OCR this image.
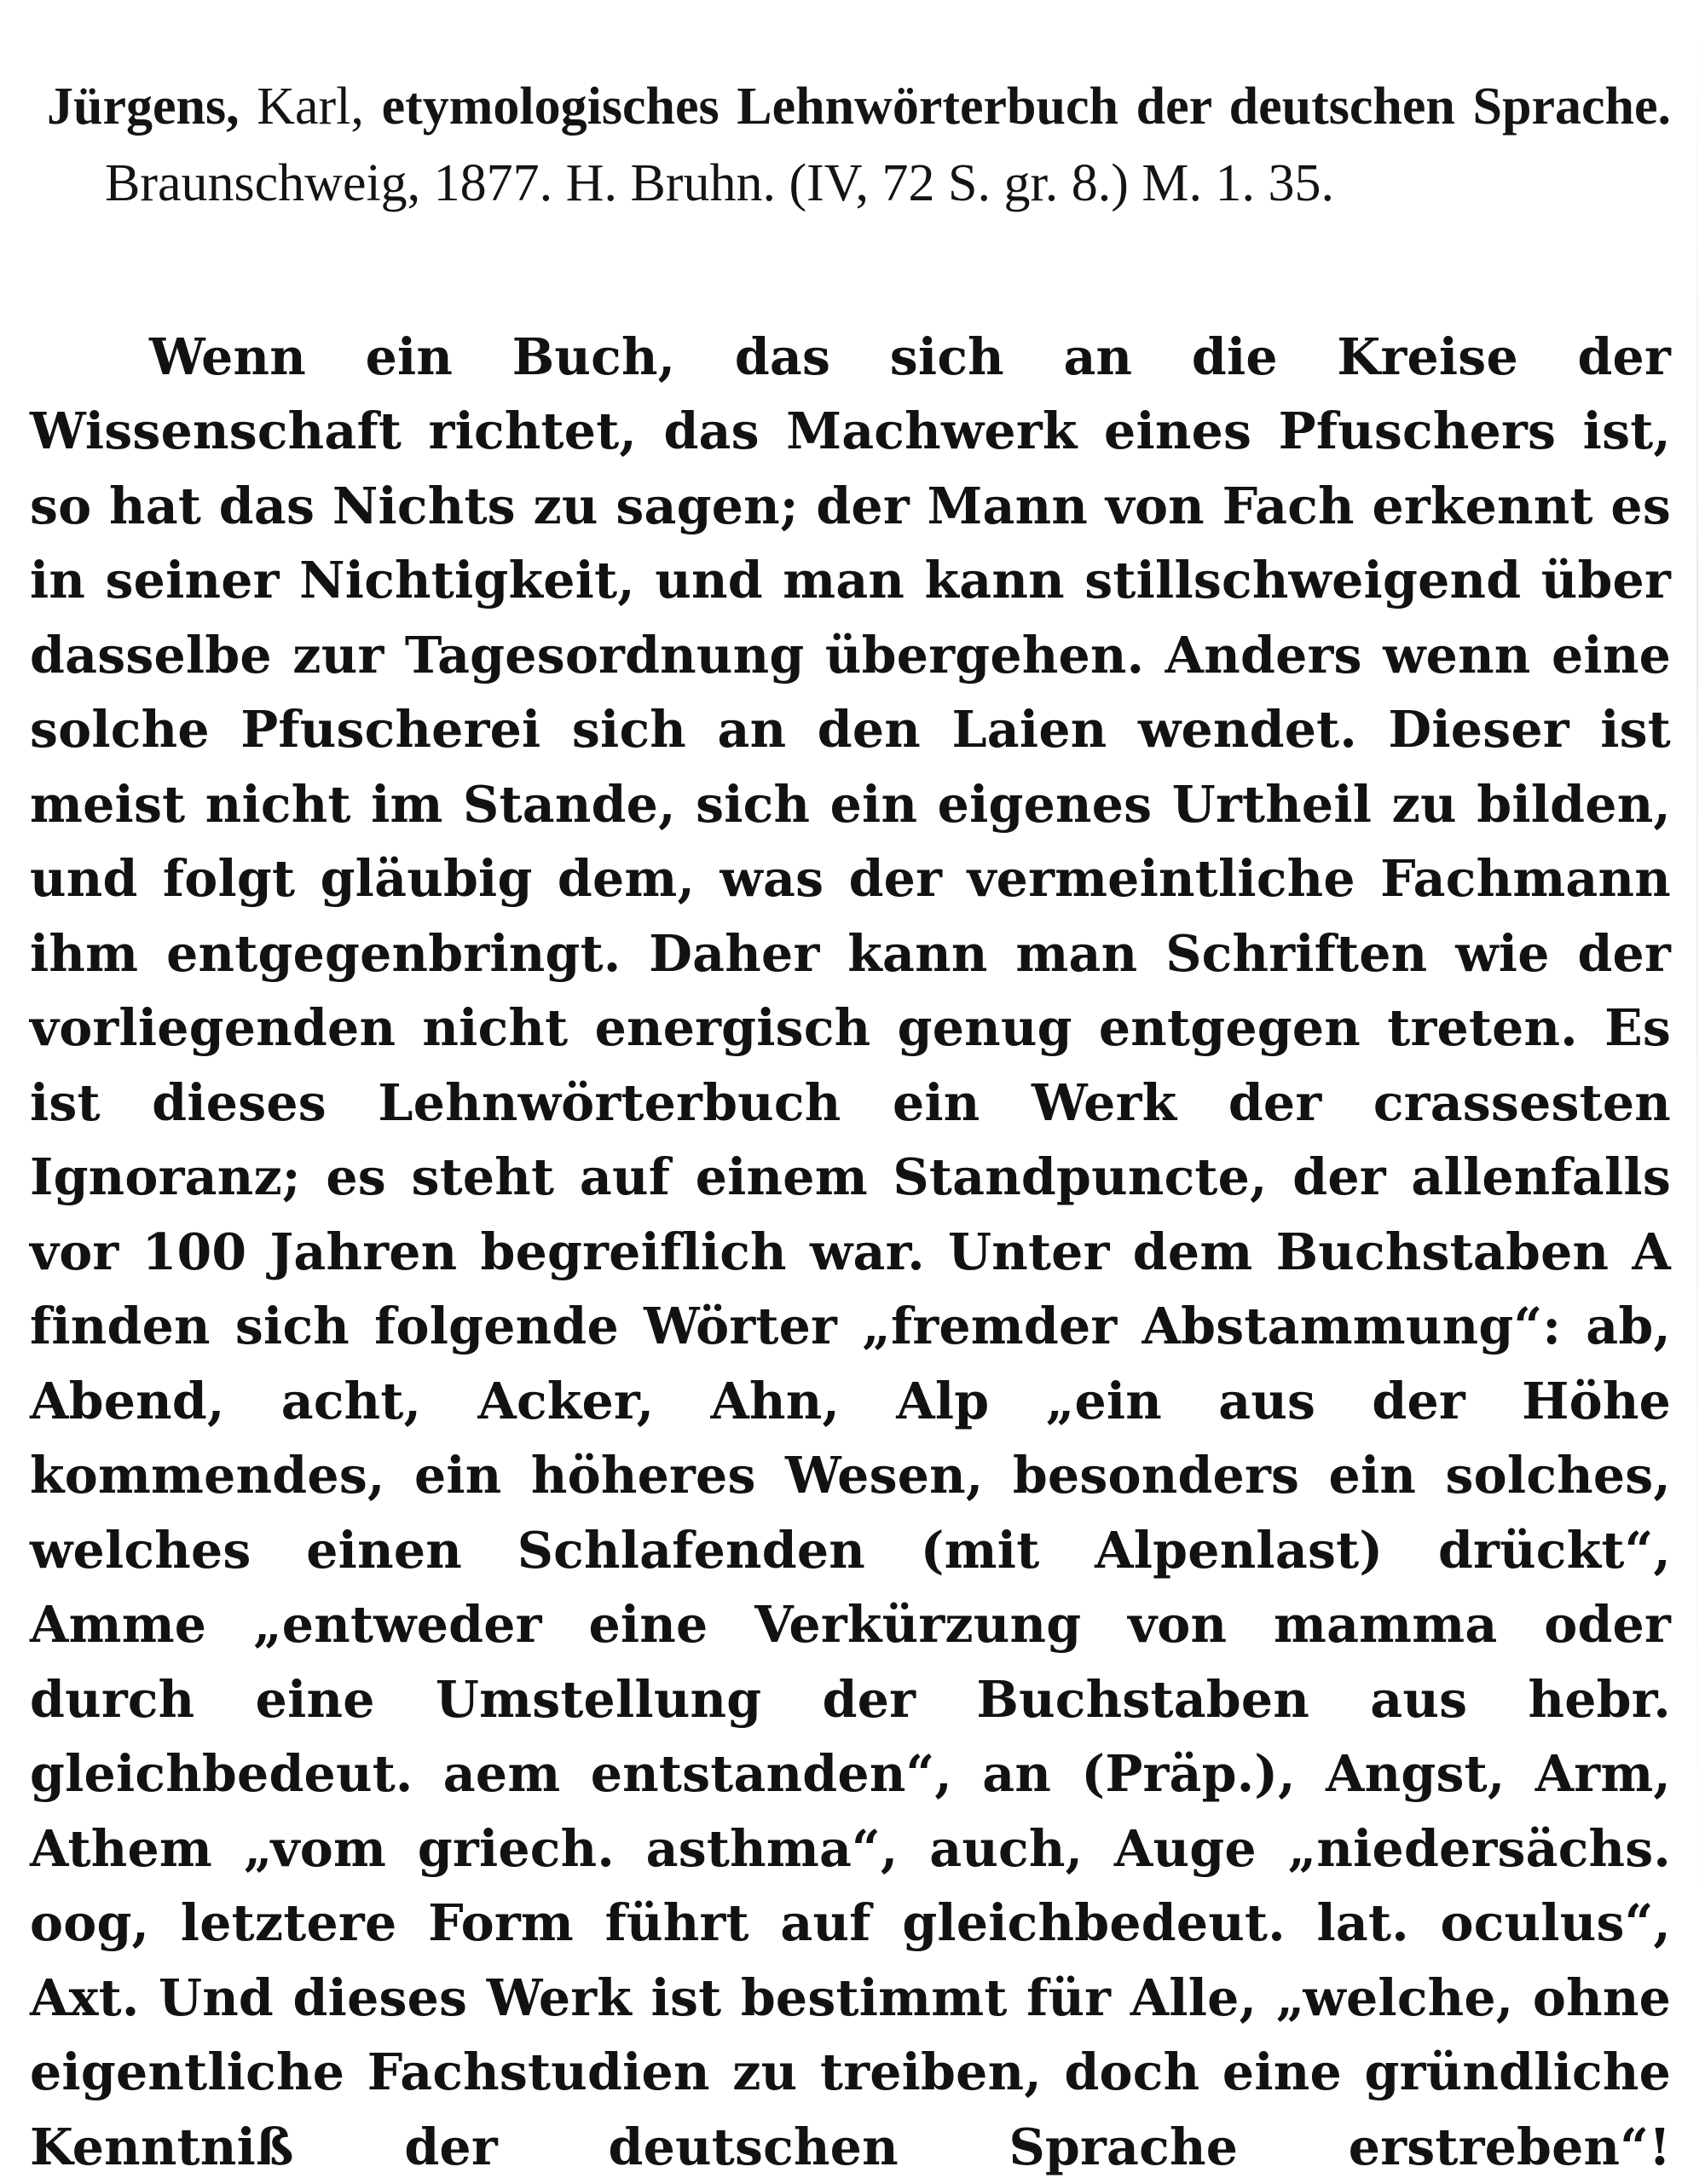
Jürgens, Karl, etymologisches Lehnwörterbuch der deutschen Sprache. Braunschweig, 1877. H. Bruhn. (IV, 72 S. gr. 8.) M. 1. 35.

Wenn ein Buch, das sich an die Kreise der Wissenschaft richtet, das Machwerk eines Pfuschers ist, so hat das Nichts zu sagen; der Mann von Fach erkennt es in seiner Nichtigkeit, und man kann stillschweigend über dasselbe zur Tagesordnung übergehen. Anders wenn eine solche Pfuscherei sich an den Laien wendet. Dieser ist meist nicht im Stande, sich ein eigenes Urtheil zu bilden, und folgt gläubig dem, was der vermeintliche Fachmann ihm entgegenbringt. Daher kann man Schriften wie der vorliegenden nicht energisch genug entgegen treten. Es ist dieses Lehnwörterbuch ein Werk der crassesten Ignoranz; es steht auf einem Standpuncte, der allenfalls vor 100 Jahren begreiflich war. Unter dem Buchstaben A finden sich folgende Wörter „fremder Abstammung“: ab, Abend, acht, Acker, Ahn, Alp „ein aus der Höhe kommendes, ein höheres Wesen, besonders ein solches, welches einen Schlafenden (mit Alpenlast) drückt“, Amme „entweder eine Verkürzung von mamma oder durch eine Umstellung der Buchstaben aus hebr. gleichbedeut. aem entstanden“, an (Präp.), Angst, Arm, Athem „vom griech. asthma“, auch, Auge „niedersächs. oog, letztere Form führt auf gleichbedeut. lat. oculus“, Axt. Und dieses Werk ist bestimmt für Alle, „welche, ohne eigentliche Fachstudien zu treiben, doch eine gründliche Kenntniß der deutschen Sprache erstreben“!
